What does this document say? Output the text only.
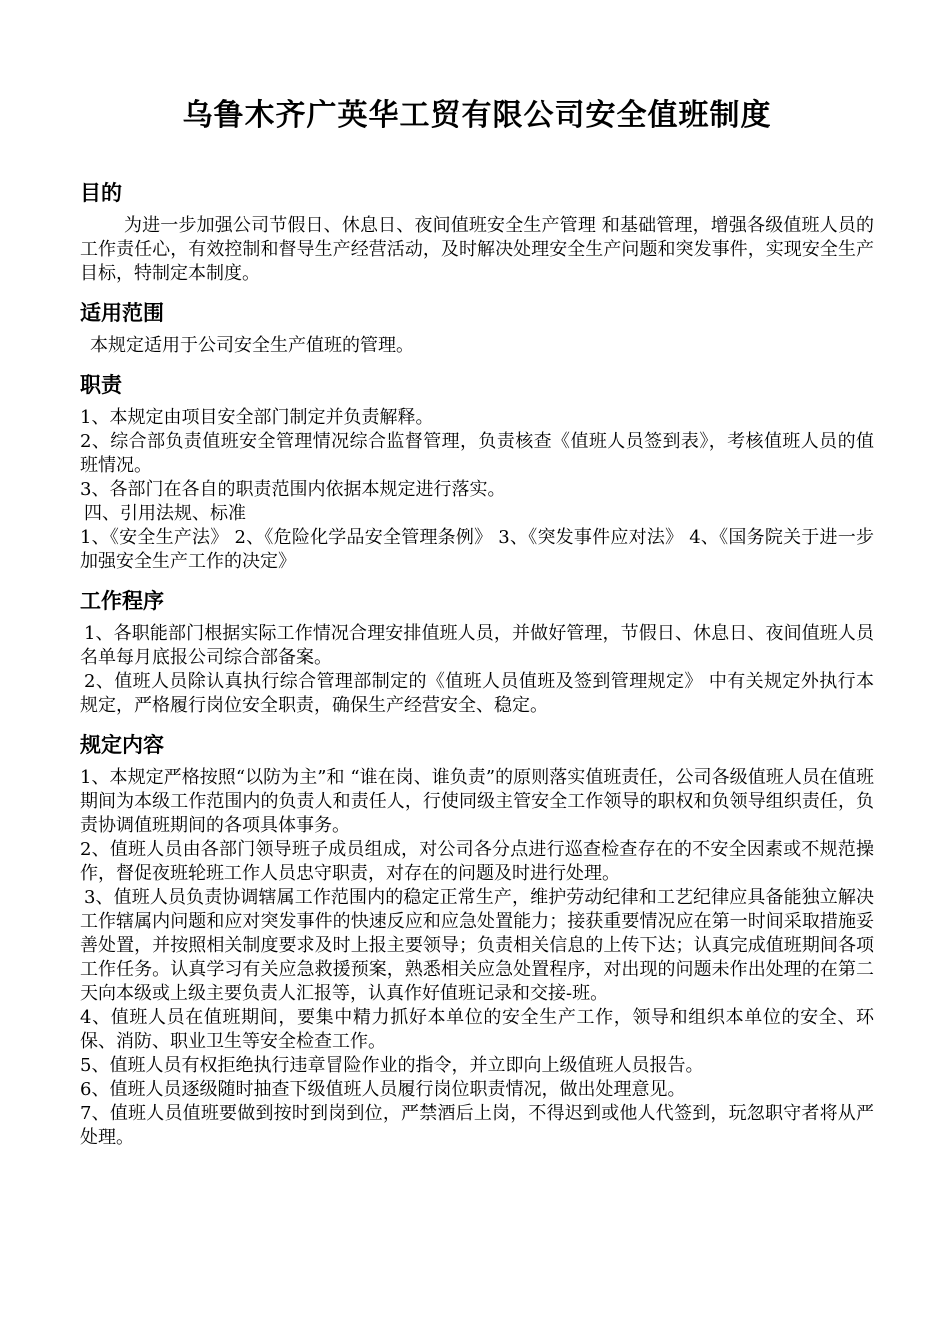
乌鲁木齐广英华工贸有限公司安全值班制度
目的

为进一步加强公司节假日、休息日、夜间值班安全生产管理 和基础管理，增强各级值班人员的工作责任心，有效控制和督导生产经营活动，及时解决处理安全生产问题和突发事件，实现安全生产目标，特制定本制度。

适用范围

本规定适用于公司安全生产值班的管理。

职责

1、本规定由项目安全部门制定并负责解释。

2、综合部负责值班安全管理情况综合监督管理，负责核查《值班人员签到表》，考核值班人员的值班情况。

3、各部门在各自的职责范围内依据本规定进行落实。

四、引用法规、标准

1、《安全生产法》 2、《危险化学品安全管理条例》 3、《突发事件应对法》 4、《国务院关于进一步加强安全生产工作的决定》

工作程序

1、各职能部门根据实际工作情况合理安排值班人员，并做好管理，节假日、休息日、夜间值班人员名单每月底报公司综合部备案。

2、值班人员除认真执行综合管理部制定的《值班人员值班及签到管理规定》 中有关规定外执行本规定，严格履行岗位安全职责，确保生产经营安全、稳定。

规定内容

1、本规定严格按照“以防为主”和 “谁在岗、谁负责”的原则落实值班责任，公司各级值班人员在值班期间为本级工作范围内的负责人和责任人，行使同级主管安全工作领导的职权和负领导组织责任，负责协调值班期间的各项具体事务。

2、值班人员由各部门领导班子成员组成，对公司各分点进行巡查检查存在的不安全因素或不规范操作，督促夜班轮班工作人员忠守职责，对存在的问题及时进行处理。

3、值班人员负责协调辖属工作范围内的稳定正常生产，维护劳动纪律和工艺纪律应具备能独立解决工作辖属内问题和应对突发事件的快速反应和应急处置能力；接获重要情况应在第一时间采取措施妥善处置，并按照相关制度要求及时上报主要领导；负责相关信息的上传下达；认真完成值班期间各项工作任务。认真学习有关应急救援预案，熟悉相关应急处置程序，对出现的问题未作出处理的在第二天向本级或上级主要负责人汇报等，认真作好值班记录和交接-班。

4、值班人员在值班期间，要集中精力抓好本单位的安全生产工作，领导和组织本单位的安全、环保、消防、职业卫生等安全检查工作。

5、值班人员有权拒绝执行违章冒险作业的指令，并立即向上级值班人员报告。

6、值班人员逐级随时抽查下级值班人员履行岗位职责情况，做出处理意见。

7、值班人员值班要做到按时到岗到位，严禁酒后上岗，不得迟到或他人代签到，玩忽职守者将从严处理。
